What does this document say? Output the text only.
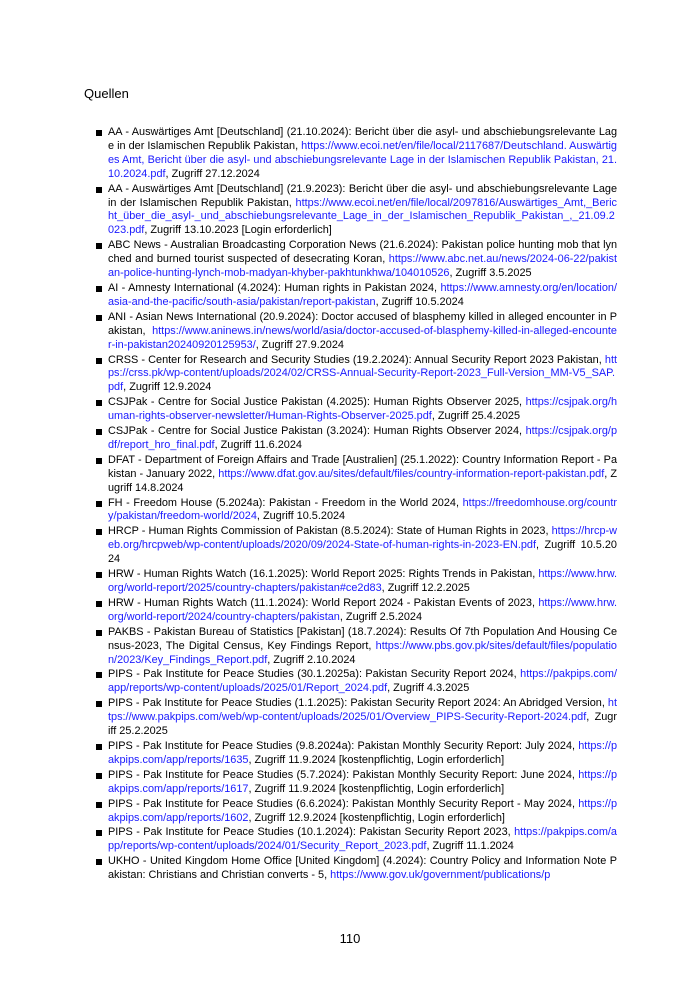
Quellen
AA - Auswärtiges Amt [Deutschland] (21.10.2024): Bericht über die asyl- und abschiebungsrelevante Lage in der Islamischen Republik Pakistan, https://www.ecoi.net/en/file/local/2117687/Deutschland. Auswärtiges Amt, Bericht über die asyl- und abschiebungsrelevante Lage in der Islamischen Republik Pakistan, 21.10.2024.pdf, Zugriff 27.12.2024
AA - Auswärtiges Amt [Deutschland] (21.9.2023): Bericht über die asyl- und abschiebungsrelevante Lage in der Islamischen Republik Pakistan, https://www.ecoi.net/en/file/local/2097816/Auswärtiges_Amt,_Bericht_über_die_asyl-_und_abschiebungsrelevante_Lage_in_der_Islamischen_Republik_Pakistan_,_21.09.2023.pdf, Zugriff 13.10.2023 [Login erforderlich]
ABC News - Australian Broadcasting Corporation News (21.6.2024): Pakistan police hunting mob that lynched and burned tourist suspected of desecrating Koran, https://www.abc.net.au/news/2024-06-22/pakistan-police-hunting-lynch-mob-madyan-khyber-pakhtunkhwa/104010526, Zugriff 3.5.2025
AI - Amnesty International (4.2024): Human rights in Pakistan 2024, https://www.amnesty.org/en/location/asia-and-the-pacific/south-asia/pakistan/report-pakistan, Zugriff 10.5.2024
ANI - Asian News International (20.9.2024): Doctor accused of blasphemy killed in alleged encounter in Pakistan, https://www.aninews.in/news/world/asia/doctor-accused-of-blasphemy-killed-in-alleged-encounter-in-pakistan20240920125953/, Zugriff 27.9.2024
CRSS - Center for Research and Security Studies (19.2.2024): Annual Security Report 2023 Pakistan, https://crss.pk/wp-content/uploads/2024/02/CRSS-Annual-Security-Report-2023_Full-Version_MM-V5_SAP.pdf, Zugriff 12.9.2024
CSJPak - Centre for Social Justice Pakistan (4.2025): Human Rights Observer 2025, https://csjpak.org/human-rights-observer-newsletter/Human-Rights-Observer-2025.pdf, Zugriff 25.4.2025
CSJPak - Centre for Social Justice Pakistan (3.2024): Human Rights Observer 2024, https://csjpak.org/pdf/report_hro_final.pdf, Zugriff 11.6.2024
DFAT - Department of Foreign Affairs and Trade [Australien] (25.1.2022): Country Information Report - Pakistan - January 2022, https://www.dfat.gov.au/sites/default/files/country-information-report-pakistan.pdf, Zugriff 14.8.2024
FH - Freedom House (5.2024a): Pakistan - Freedom in the World 2024, https://freedomhouse.org/country/pakistan/freedom-world/2024, Zugriff 10.5.2024
HRCP - Human Rights Commission of Pakistan (8.5.2024): State of Human Rights in 2023, https://hrcp-web.org/hrcpweb/wp-content/uploads/2020/09/2024-State-of-human-rights-in-2023-EN.pdf, Zugriff 10.5.2024
HRW - Human Rights Watch (16.1.2025): World Report 2025: Rights Trends in Pakistan, https://www.hrw.org/world-report/2025/country-chapters/pakistan#ce2d83, Zugriff 12.2.2025
HRW - Human Rights Watch (11.1.2024): World Report 2024 - Pakistan Events of 2023, https://www.hrw.org/world-report/2024/country-chapters/pakistan, Zugriff 2.5.2024
PAKBS - Pakistan Bureau of Statistics [Pakistan] (18.7.2024): Results Of 7th Population And Housing Census-2023, The Digital Census, Key Findings Report, https://www.pbs.gov.pk/sites/default/files/population/2023/Key_Findings_Report.pdf, Zugriff 2.10.2024
PIPS - Pak Institute for Peace Studies (30.1.2025a): Pakistan Security Report 2024, https://pakpips.com/app/reports/wp-content/uploads/2025/01/Report_2024.pdf, Zugriff 4.3.2025
PIPS - Pak Institute for Peace Studies (1.1.2025): Pakistan Security Report 2024: An Abridged Version, https://www.pakpips.com/web/wp-content/uploads/2025/01/Overview_PIPS-Security-Report-2024.pdf, Zugriff 25.2.2025
PIPS - Pak Institute for Peace Studies (9.8.2024a): Pakistan Monthly Security Report: July 2024, https://pakpips.com/app/reports/1635, Zugriff 11.9.2024 [kostenpflichtig, Login erforderlich]
PIPS - Pak Institute for Peace Studies (5.7.2024): Pakistan Monthly Security Report: June 2024, https://pakpips.com/app/reports/1617, Zugriff 11.9.2024 [kostenpflichtig, Login erforderlich]
PIPS - Pak Institute for Peace Studies (6.6.2024): Pakistan Monthly Security Report - May 2024, https://pakpips.com/app/reports/1602, Zugriff 12.9.2024 [kostenpflichtig, Login erforderlich]
PIPS - Pak Institute for Peace Studies (10.1.2024): Pakistan Security Report 2023, https://pakpips.com/app/reports/wp-content/uploads/2024/01/Security_Report_2023.pdf, Zugriff 11.1.2024
UKHO - United Kingdom Home Office [United Kingdom] (4.2024): Country Policy and Information Note Pakistan: Christians and Christian converts - 5, https://www.gov.uk/government/publications/p
110
